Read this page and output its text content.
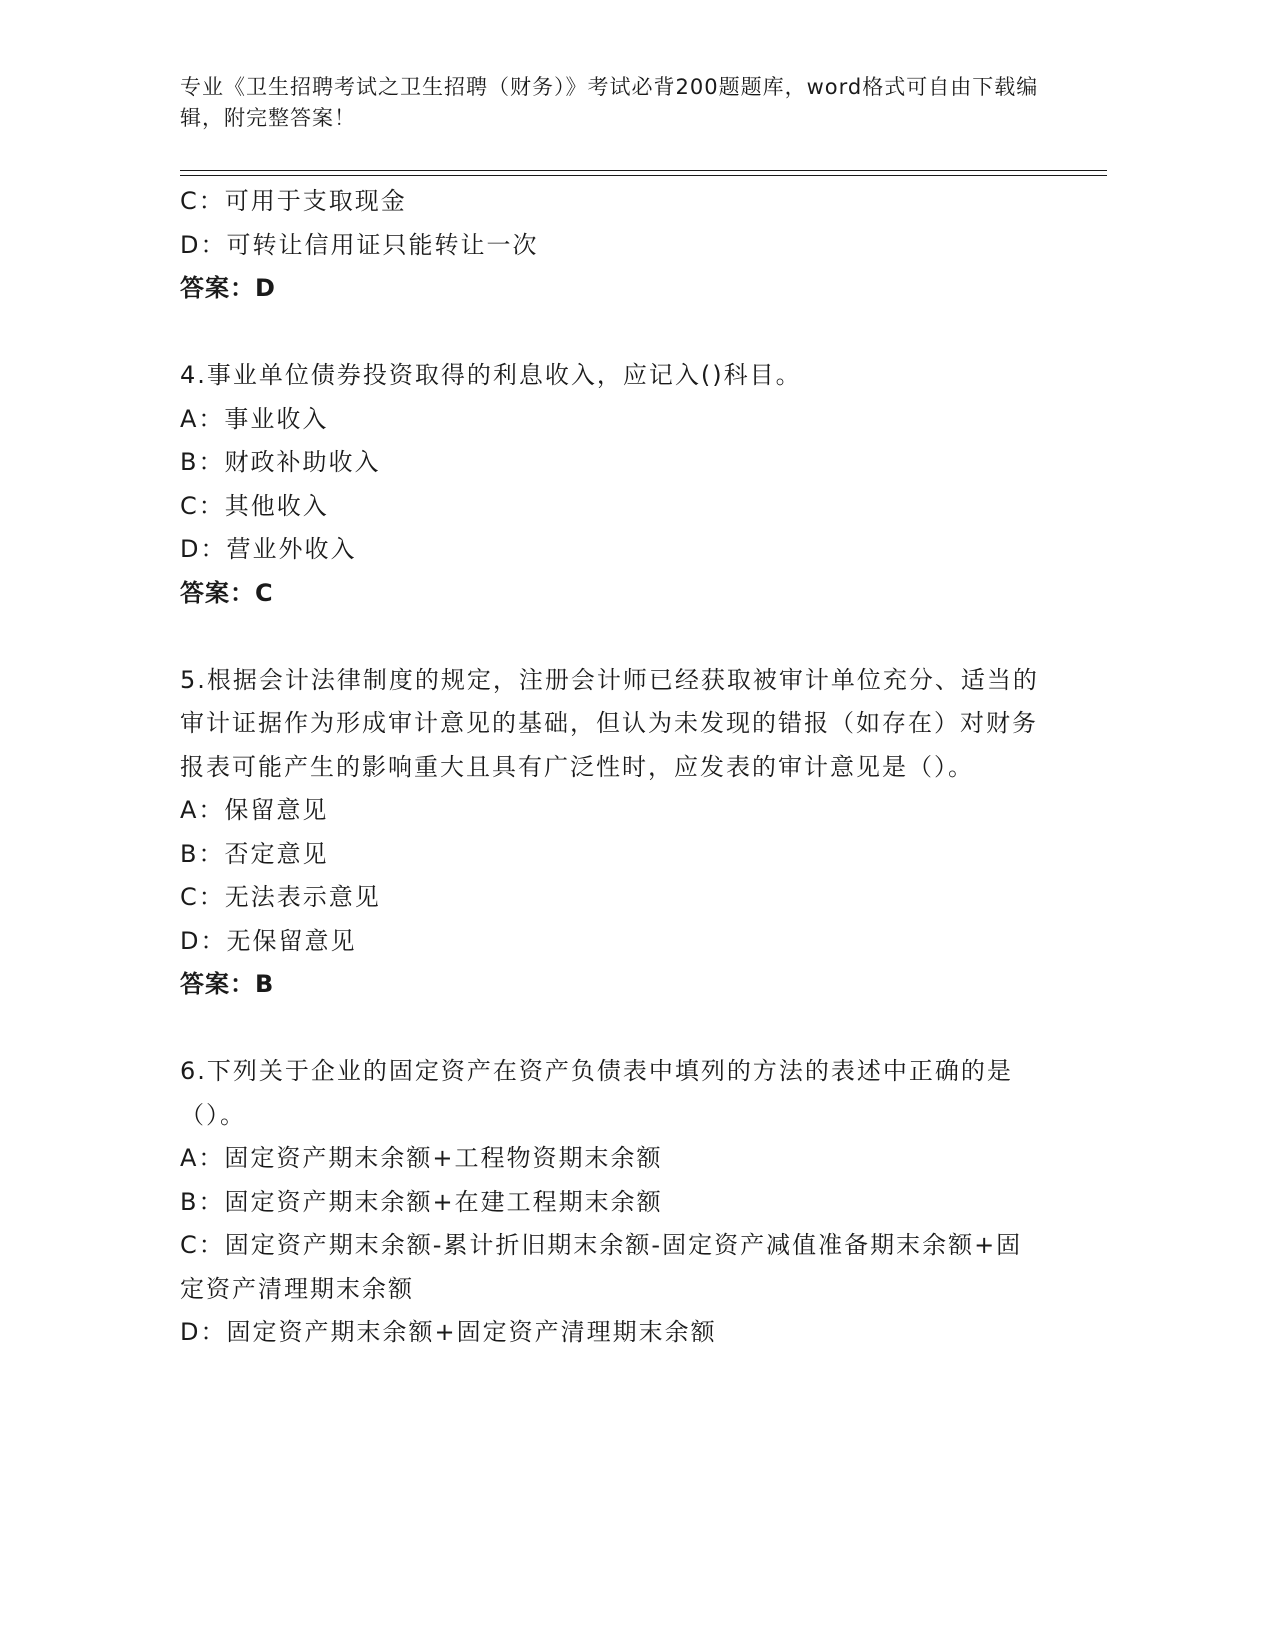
专业《卫生招聘考试之卫生招聘（财务）》考试必背200题题库，word格式可自由下载编辑，附完整答案！
C：可用于支取现金
D：可转让信用证只能转让一次
答案：D
4.事业单位债券投资取得的利息收入，应记入()科目。
A：事业收入
B：财政补助收入
C：其他收入
D：营业外收入
答案：C
5.根据会计法律制度的规定，注册会计师已经获取被审计单位充分、适当的审计证据作为形成审计意见的基础，但认为未发现的错报（如存在）对财务报表可能产生的影响重大且具有广泛性时，应发表的审计意见是（）。
A：保留意见
B：否定意见
C：无法表示意见
D：无保留意见
答案：B
6.下列关于企业的固定资产在资产负债表中填列的方法的表述中正确的是（）。
A：固定资产期末余额+工程物资期末余额
B：固定资产期末余额+在建工程期末余额
C：固定资产期末余额-累计折旧期末余额-固定资产减值准备期末余额+固定资产清理期末余额
D：固定资产期末余额+固定资产清理期末余额
